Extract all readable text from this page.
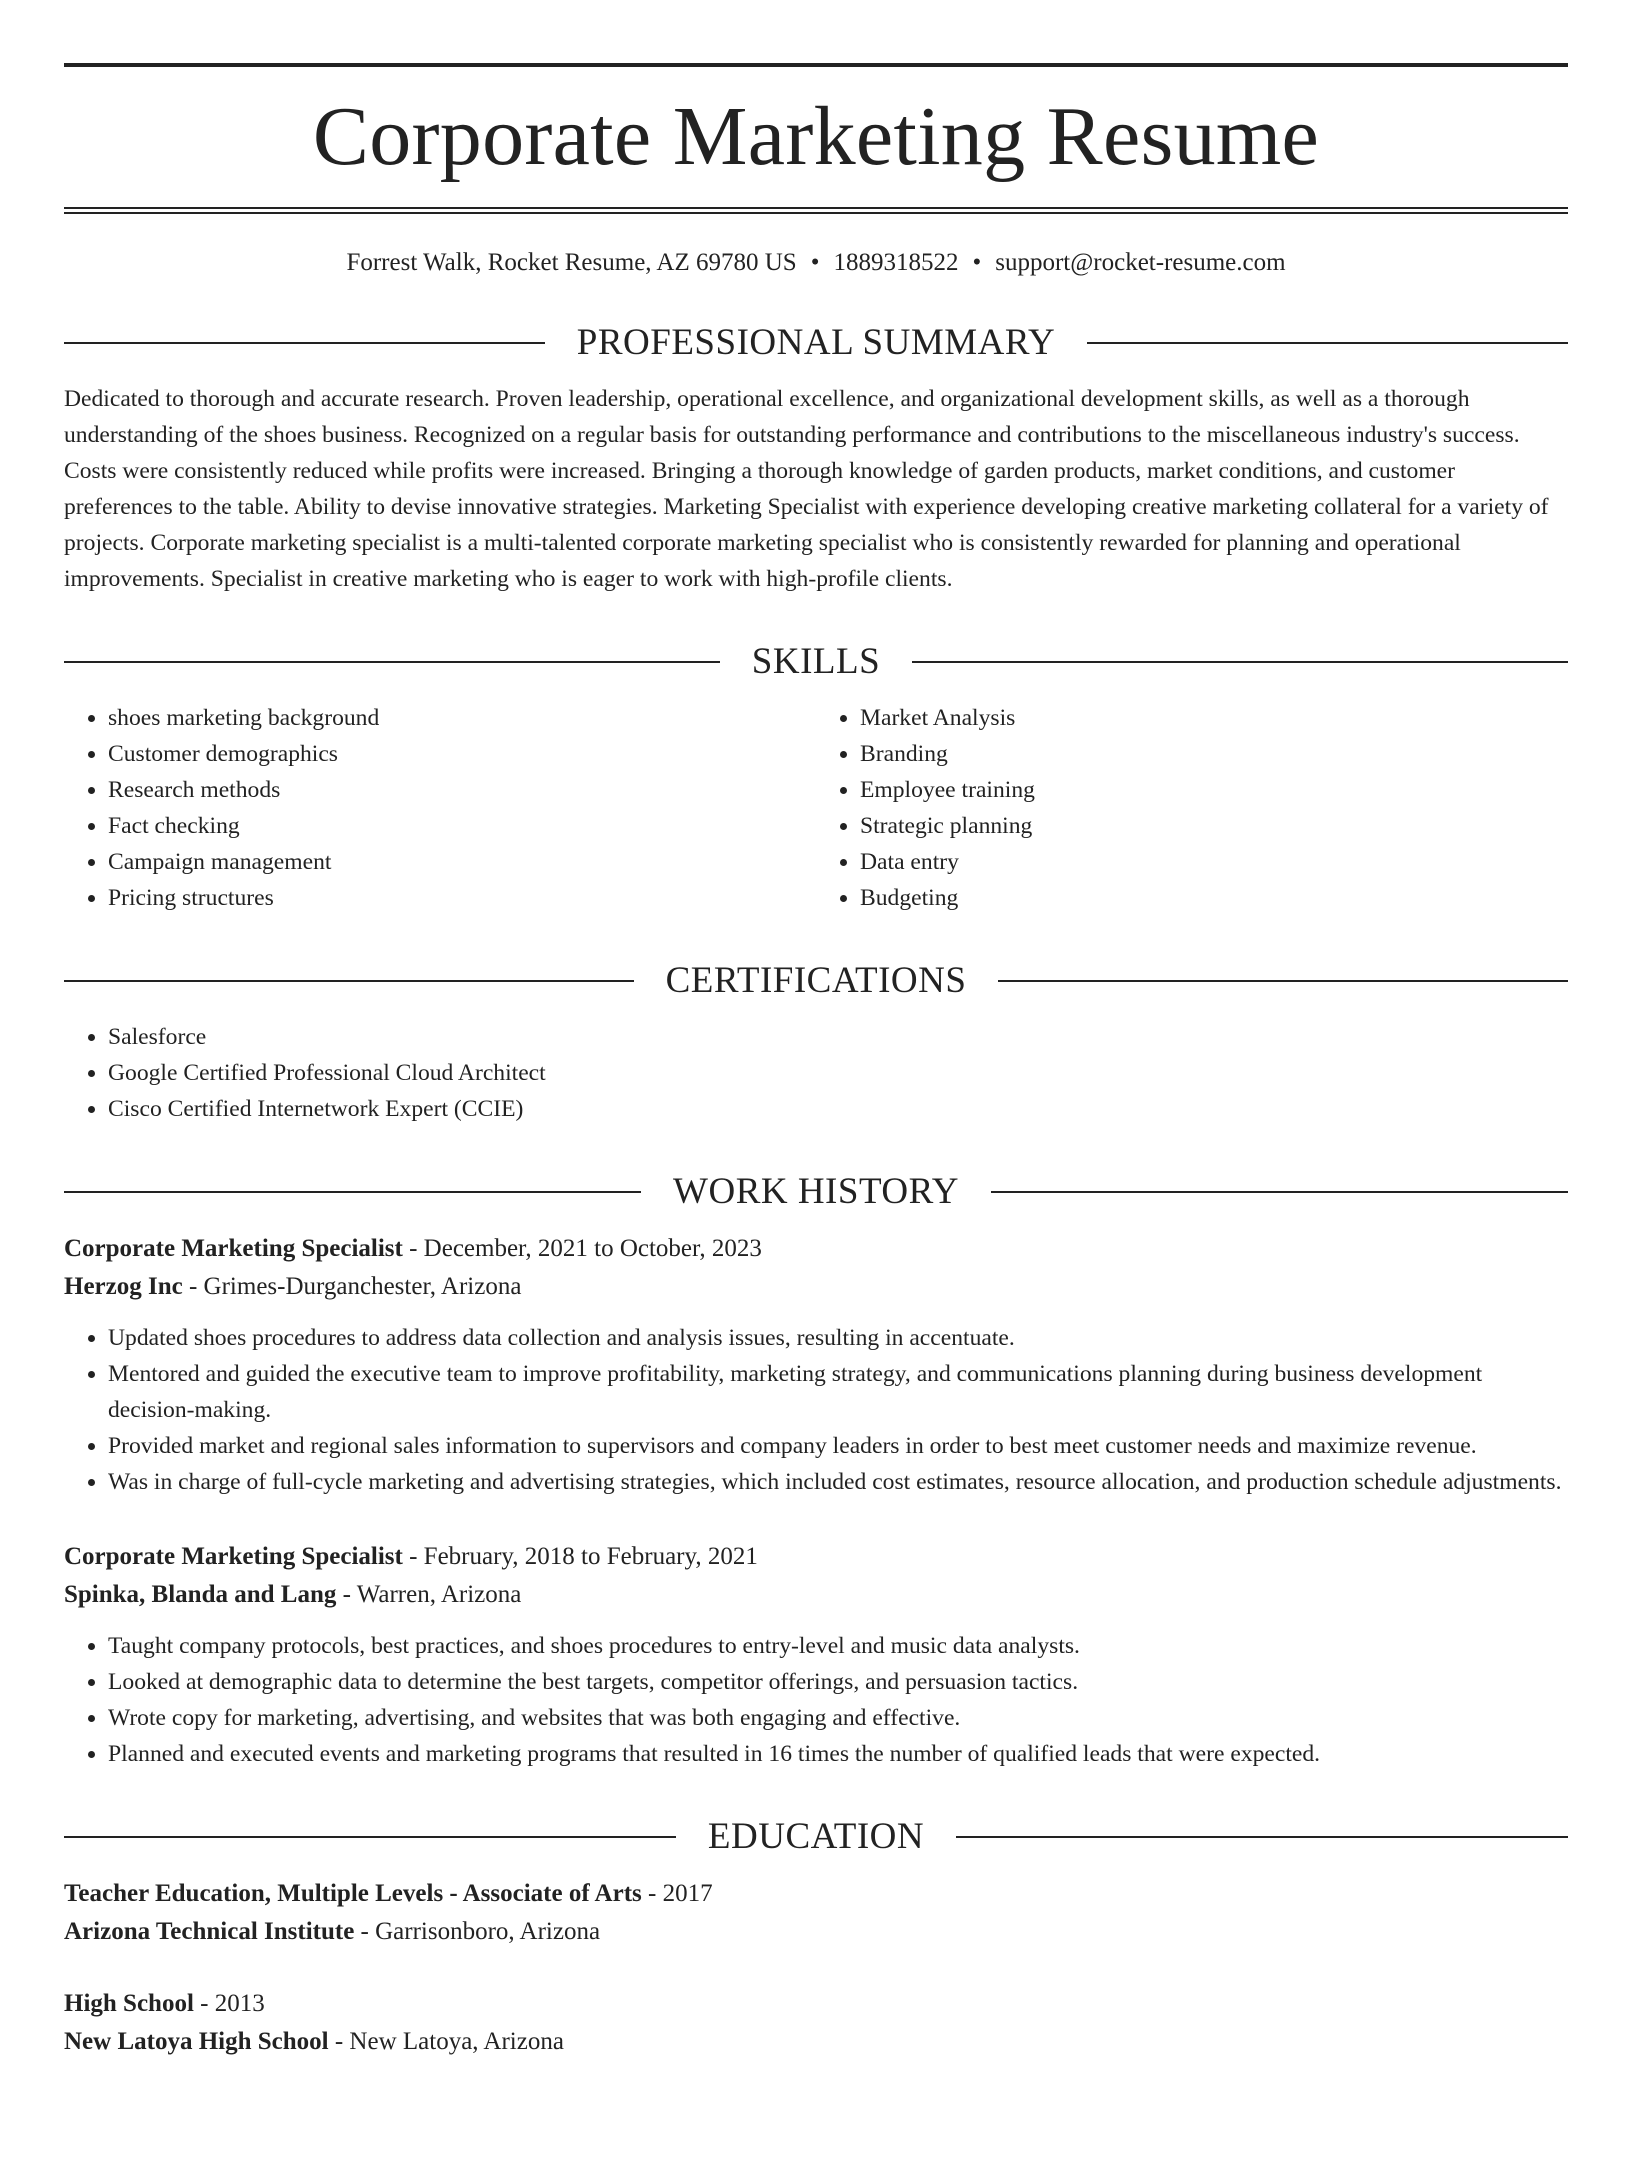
Corporate Marketing Resume
Forrest Walk, Rocket Resume, AZ 69780 US • 1889318522 • support@rocket-resume.com
PROFESSIONAL SUMMARY

Dedicated to thorough and accurate research. Proven leadership, operational excellence, and organizational development skills, as well as a thorough understanding of the shoes business. Recognized on a regular basis for outstanding performance and contributions to the miscellaneous industry's success. Costs were consistently reduced while profits were increased. Bringing a thorough knowledge of garden products, market conditions, and customer preferences to the table. Ability to devise innovative strategies. Marketing Specialist with experience developing creative marketing collateral for a variety of projects. Corporate marketing specialist is a multi-talented corporate marketing specialist who is consistently rewarded for planning and operational improvements. Specialist in creative marketing who is eager to work with high-profile clients.

SKILLS
• shoes marketing background
• Customer demographics
• Research methods
• Fact checking
• Campaign management
• Pricing structures
• Market Analysis
• Branding
• Employee training
• Strategic planning
• Data entry
• Budgeting
CERTIFICATIONS
• Salesforce
• Google Certified Professional Cloud Architect
• Cisco Certified Internetwork Expert (CCIE)
WORK HISTORY
Corporate Marketing Specialist - December, 2021 to October, 2023
Herzog Inc - Grimes-Durganchester, Arizona
• Updated shoes procedures to address data collection and analysis issues, resulting in accentuate.
• Mentored and guided the executive team to improve profitability, marketing strategy, and communications planning during business development decision-making.
• Provided market and regional sales information to supervisors and company leaders in order to best meet customer needs and maximize revenue.
• Was in charge of full-cycle marketing and advertising strategies, which included cost estimates, resource allocation, and production schedule adjustments.
Corporate Marketing Specialist - February, 2018 to February, 2021
Spinka, Blanda and Lang - Warren, Arizona
• Taught company protocols, best practices, and shoes procedures to entry-level and music data analysts.
• Looked at demographic data to determine the best targets, competitor offerings, and persuasion tactics.
• Wrote copy for marketing, advertising, and websites that was both engaging and effective.
• Planned and executed events and marketing programs that resulted in 16 times the number of qualified leads that were expected.
EDUCATION
Teacher Education, Multiple Levels - Associate of Arts - 2017
Arizona Technical Institute - Garrisonboro, Arizona
High School - 2013
New Latoya High School - New Latoya, Arizona
